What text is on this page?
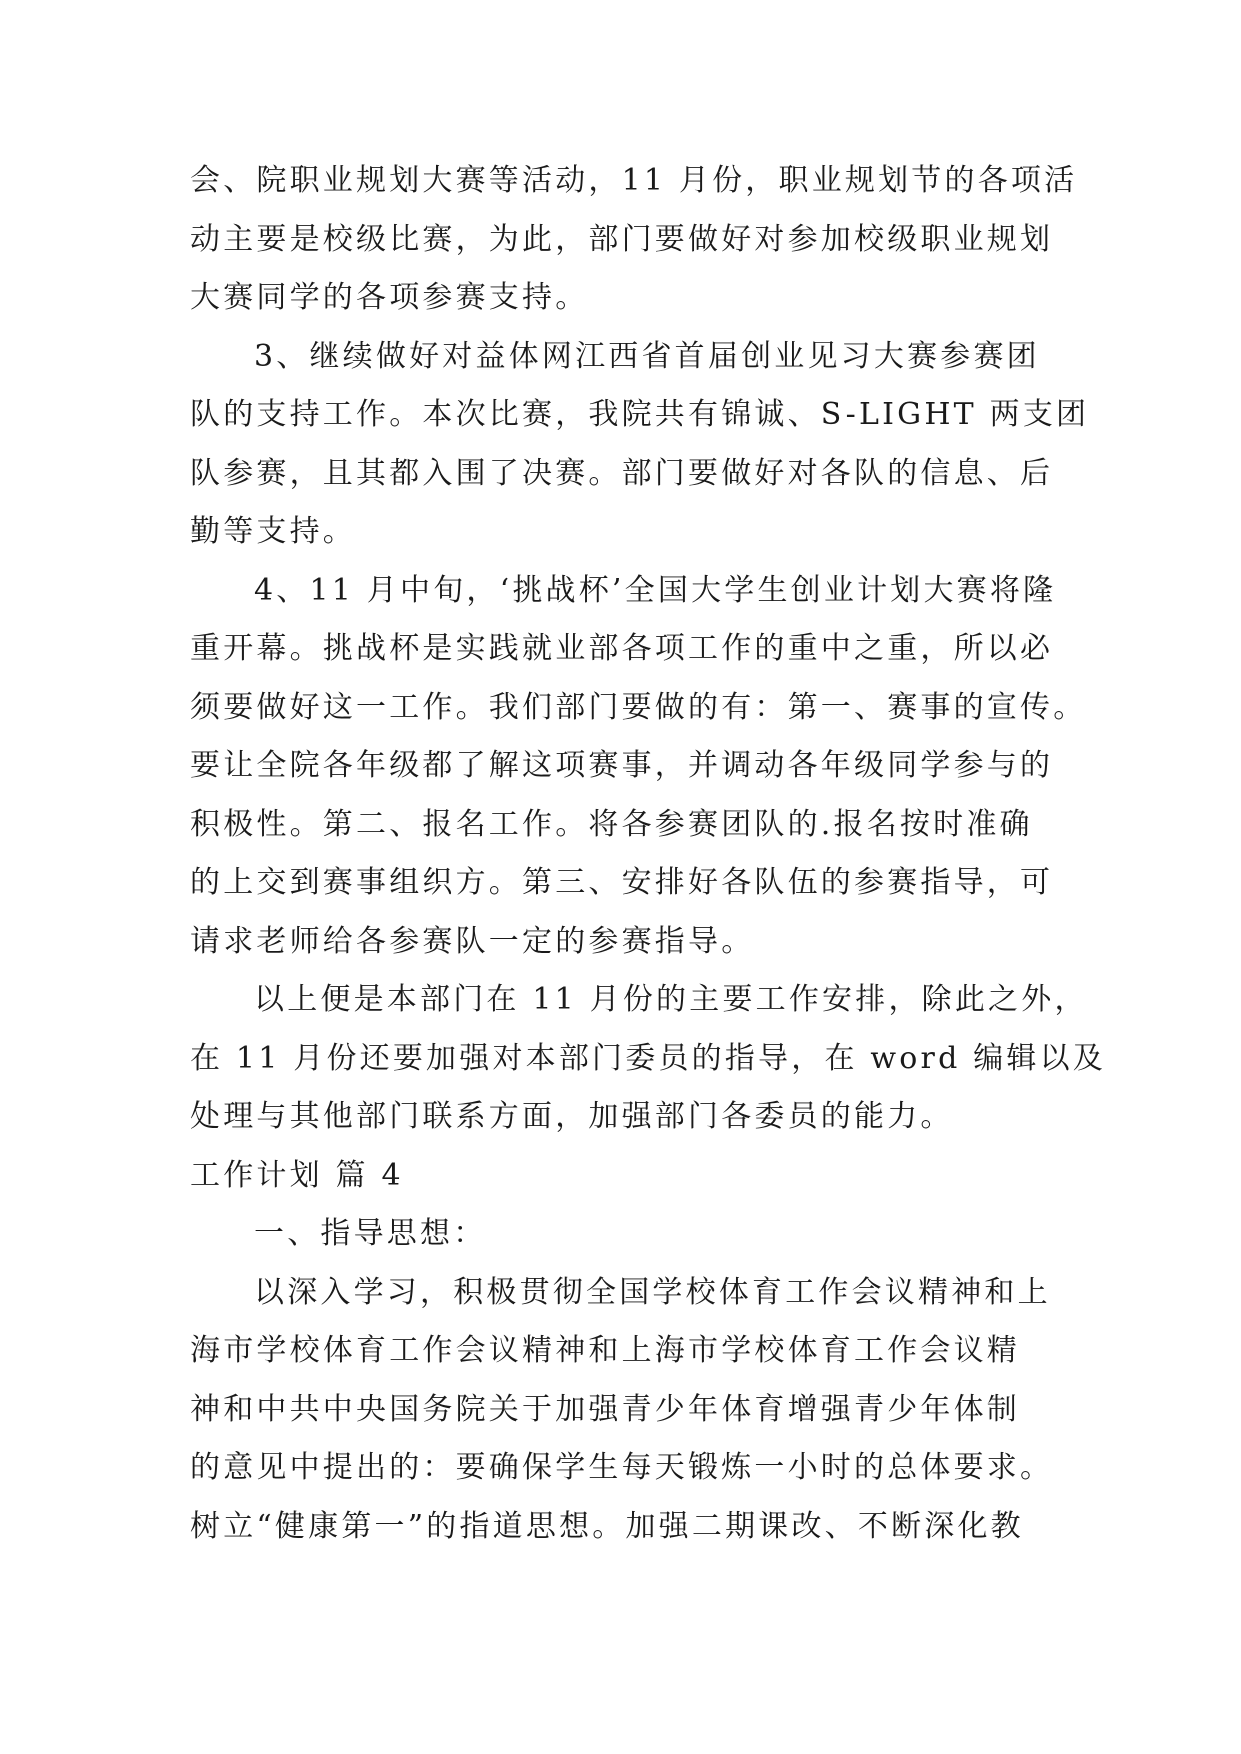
会、院职业规划大赛等活动，11 月份，职业规划节的各项活
动主要是校级比赛，为此，部门要做好对参加校级职业规划
大赛同学的各项参赛支持。
3、继续做好对益体网江西省首届创业见习大赛参赛团
队的支持工作。本次比赛，我院共有锦诚、S-LIGHT 两支团
队参赛，且其都入围了决赛。部门要做好对各队的信息、后
勤等支持。
4、11 月中旬，‘挑战杯’全国大学生创业计划大赛将隆
重开幕。挑战杯是实践就业部各项工作的重中之重，所以必
须要做好这一工作。我们部门要做的有：第一、赛事的宣传。
要让全院各年级都了解这项赛事，并调动各年级同学参与的
积极性。第二、报名工作。将各参赛团队的.报名按时准确
的上交到赛事组织方。第三、安排好各队伍的参赛指导，可
请求老师给各参赛队一定的参赛指导。
以上便是本部门在 11 月份的主要工作安排，除此之外，
在 11 月份还要加强对本部门委员的指导，在 word 编辑以及
处理与其他部门联系方面，加强部门各委员的能力。
工作计划 篇 4
一、指导思想：
以深入学习，积极贯彻全国学校体育工作会议精神和上
海市学校体育工作会议精神和上海市学校体育工作会议精
神和中共中央国务院关于加强青少年体育增强青少年体制
的意见中提出的：要确保学生每天锻炼一小时的总体要求。
树立“健康第一”的指道思想。加强二期课改、不断深化教
